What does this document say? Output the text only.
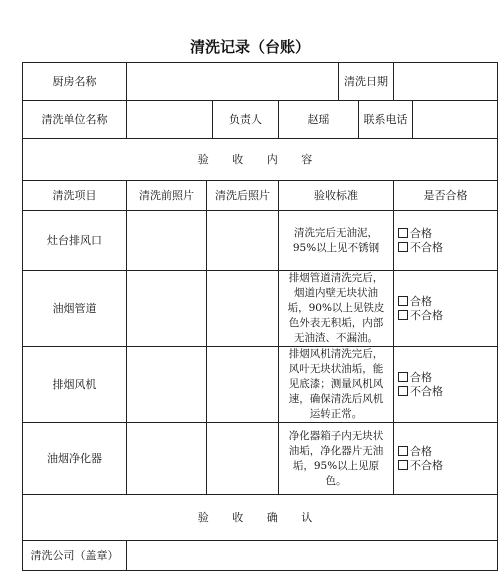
清洗记录（台账）
厨房名称					清洗日期			
清洗单位名称			负责人	赵瑶		联系电话		
验 收 内 容								
清洗项目	清洗前照片	清洗后照片		验收标准			是否合格	
灶台排风口				清洗完后无油泥，95%以上见不锈钢			合格
不合格	

油烟管道				排烟管道清洗完后，烟道内壁无块状油垢，90%以上见铁皮色外表无积垢，内部无油渣、不漏油。			合格
不合格	

排烟风机				排烟风机清洗完后，风叶无块状油垢，能见底漆；测量风机风速，确保清洗后风机运转正常。			合格
不合格	

油烟净化器				净化器箱子内无块状油垢，净化器片无油垢，95%以上见原色。			合格
不合格	

验 收 确 认								
清洗公司（盖章）								
